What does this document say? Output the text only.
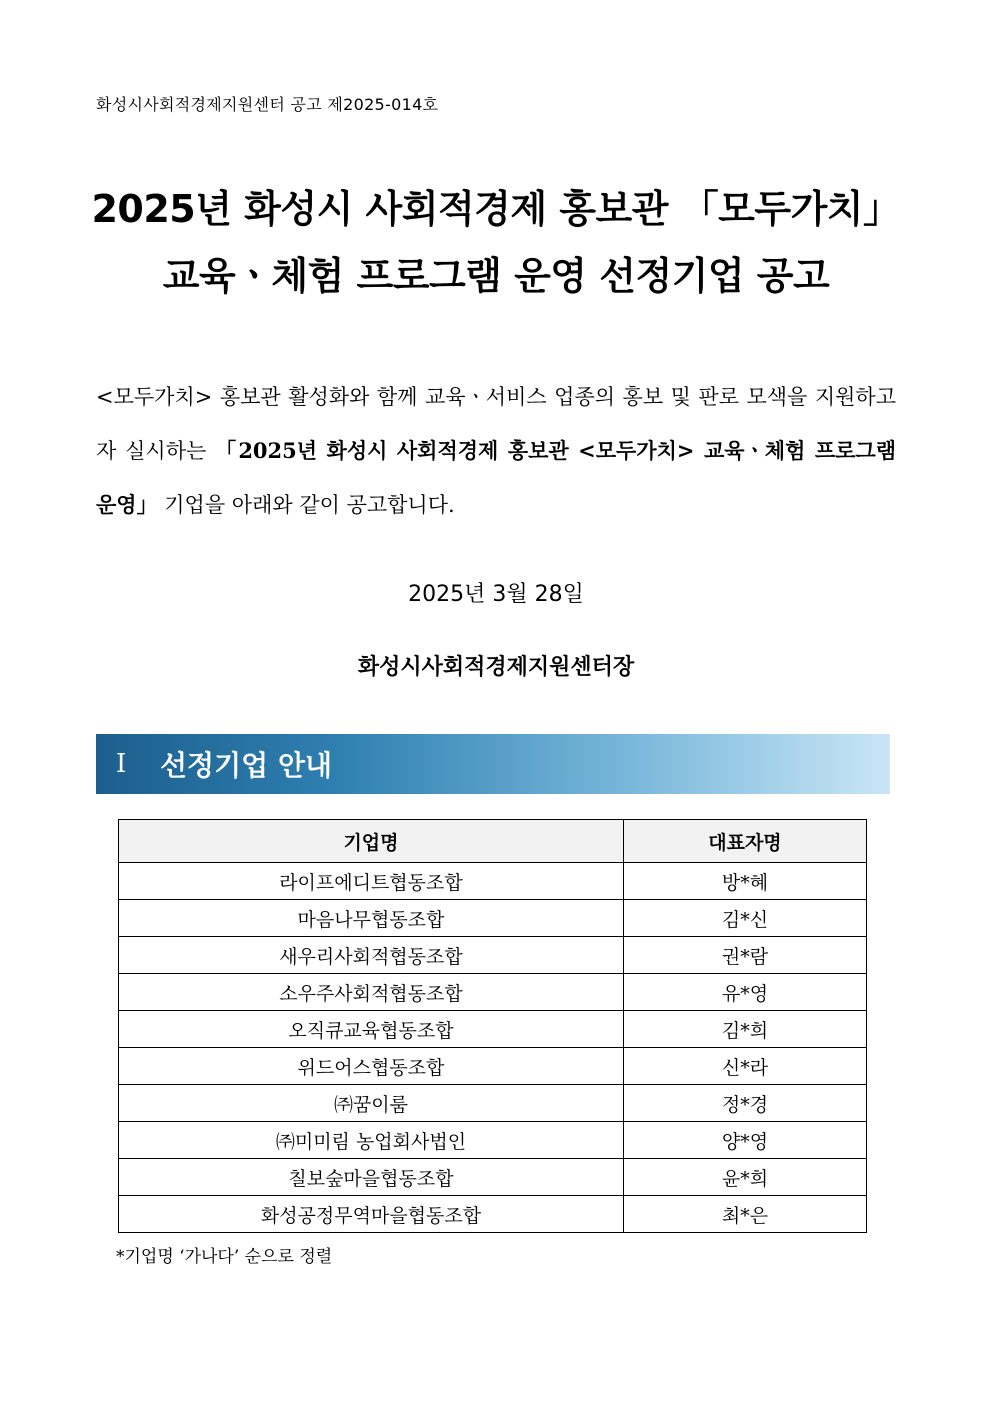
화성시사회적경제지원센터 공고 제2025-014호
2025년 화성시 사회적경제 홍보관 「모두가치」
교육ㆍ체험 프로그램 운영 선정기업 공고
<모두가치> 홍보관 활성화와 함께 교육ㆍ서비스 업종의 홍보 및 판로 모색을 지원하고자 실시하는 「2025년 화성시 사회적경제 홍보관 <모두가치> 교육ㆍ체험 프로그램 운영」 기업을 아래와 같이 공고합니다.
2025년 3월 28일
화성시사회적경제지원센터장
Ⅰ	선정기업 안내
기업명	대표자명
라이프에디트협동조합	방*혜
마음나무협동조합	김*신
새우리사회적협동조합	권*람
소우주사회적협동조합	유*영
오직큐교육협동조합	김*희
위드어스협동조합	신*라
㈜꿈이룸	정*경
㈜미미림 농업회사법인	양*영
칠보숲마을협동조합	윤*희
화성공정무역마을협동조합	최*은
*기업명 ‘가나다’ 순으로 정렬
